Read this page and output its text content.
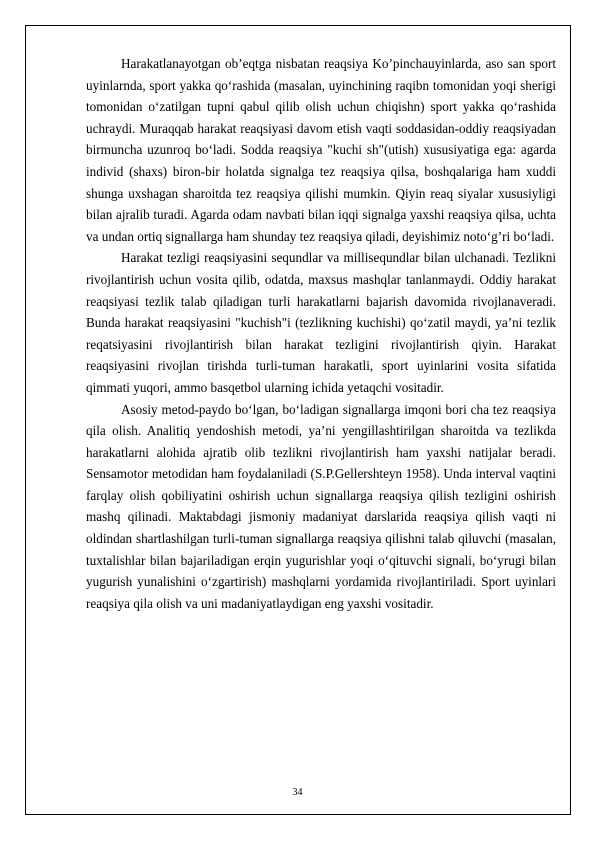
Harakatlanayotgan ob’eqtga nisbatan reaqsiya Ko’pinchauyinlarda, aso san sport uyinlarnda, sport yakka qo‘rashida (masalan, uyinchining raqibn tomonidan yoqi sherigi tomonidan o‘zatilgan tupni qabul qilib olish uchun chiqishn) sport yakka qo‘rashida uchraydi. Muraqqab harakat reaqsiyasi davom etish vaqti soddasidan-oddiy reaqsiyadan birmuncha uzunroq bo‘ladi. Sodda reaqsiya "kuchi sh"(utish) xususiyatiga ega: agarda individ (shaxs) biron-bir holatda signalga tez reaqsiya qilsa, boshqalariga ham xuddi shunga uxshagan sharoitda tez reaqsiya qilishi mumkin. Qiyin reaq siyalar xususiyligi bilan ajralib turadi. Agarda odam navbati bilan iqqi signalga yaxshi reaqsiya qilsa, uchta va undan ortiq signallarga ham shunday tez reaqsiya qiladi, deyishimiz noto‘g’ri bo‘ladi.

Harakat tezligi reaqsiyasini sequndlar va millisequndlar bilan ulchanadi. Tezlikni rivojlantirish uchun vosita qilib, odatda, maxsus mashqlar tanlanmaydi. Oddiy harakat reaqsiyasi tezlik talab qiladigan turli harakatlarni bajarish davomida rivojlanaveradi. Bunda harakat reaqsiyasini "kuchish"i (tezlikning kuchishi) qo‘zatil maydi, ya’ni tezlik reqatsiyasini rivojlantirish bilan harakat tezligini rivojlantirish qiyin. Harakat reaqsiyasini rivojlan tirishda turli-tuman harakatli, sport uyinlarini vosita sifatida qimmati yuqori, ammo basqetbol ularning ichida yetaqchi vositadir.

Asosiy metod-paydo bo‘lgan, bo‘ladigan signallarga imqoni bori cha tez reaqsiya qila olish. Analitiq yendoshish metodi, ya’ni yengillashtirilgan sharoitda va tezlikda harakatlarni alohida ajratib olib tezlikni rivojlantirish ham yaxshi natijalar beradi. Sensamotor metodidan ham foydalaniladi (S.P.Gellershteyn 1958). Unda interval vaqtini farqlay olish qobiliyatini oshirish uchun signallarga reaqsiya qilish tezligini oshirish mashq qilinadi. Maktabdagi jismoniy madaniyat darslarida reaqsiya qilish vaqti ni oldindan shartlashilgan turli-tuman signallarga reaqsiya qilishni talab qiluvchi (masalan, tuxtalishlar bilan bajariladigan erqin yugurishlar yoqi o‘qituvchi signali, bo‘yrugi bilan yugurish yunalishini o‘zgartirish) mashqlarni yordamida rivojlantiriladi. Sport uyinlari reaqsiya qila olish va uni madaniyatlaydigan eng yaxshi vositadir.

34
